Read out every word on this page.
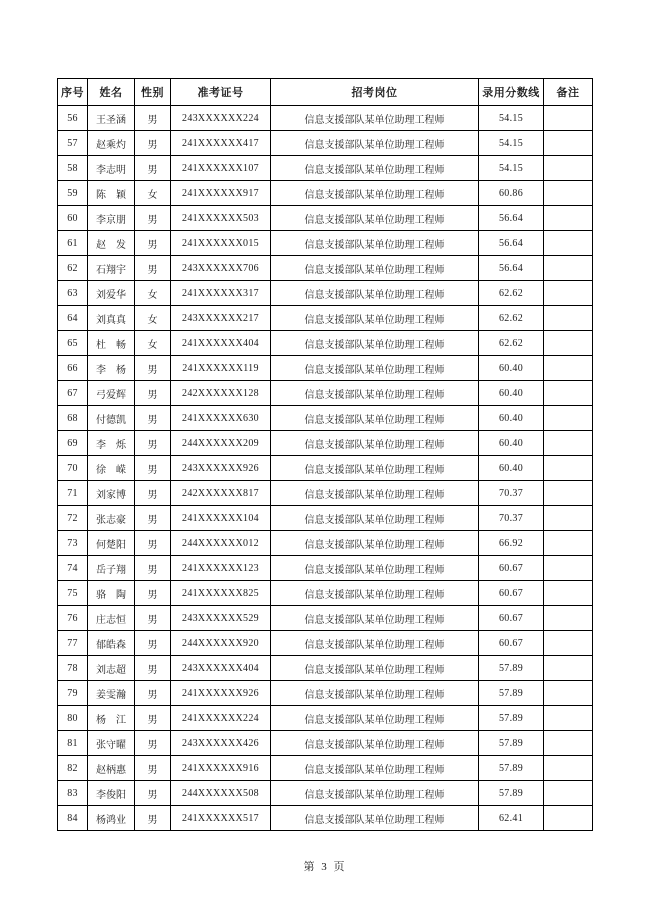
序号	姓名	性别	准考证号	招考岗位	录用分数线	备注
56	王圣涵	男	243XXXXXX224	信息支援部队某单位助理工程师	54.15	
57	赵乘灼	男	241XXXXXX417	信息支援部队某单位助理工程师	54.15	
58	李志明	男	241XXXXXX107	信息支援部队某单位助理工程师	54.15	
59	陈　颖	女	241XXXXXX917	信息支援部队某单位助理工程师	60.86	
60	李京朋	男	241XXXXXX503	信息支援部队某单位助理工程师	56.64	
61	赵　发	男	241XXXXXX015	信息支援部队某单位助理工程师	56.64	
62	石翔宇	男	243XXXXXX706	信息支援部队某单位助理工程师	56.64	
63	刘爱华	女	241XXXXXX317	信息支援部队某单位助理工程师	62.62	
64	刘真真	女	243XXXXXX217	信息支援部队某单位助理工程师	62.62	
65	杜　畅	女	241XXXXXX404	信息支援部队某单位助理工程师	62.62	
66	李　杨	男	241XXXXXX119	信息支援部队某单位助理工程师	60.40	
67	弓爱辉	男	242XXXXXX128	信息支援部队某单位助理工程师	60.40	
68	付德凯	男	241XXXXXX630	信息支援部队某单位助理工程师	60.40	
69	李　烁	男	244XXXXXX209	信息支援部队某单位助理工程师	60.40	
70	徐　嵘	男	243XXXXXX926	信息支援部队某单位助理工程师	60.40	
71	刘家博	男	242XXXXXX817	信息支援部队某单位助理工程师	70.37	
72	张志豪	男	241XXXXXX104	信息支援部队某单位助理工程师	70.37	
73	何楚阳	男	244XXXXXX012	信息支援部队某单位助理工程师	66.92	
74	岳子翔	男	241XXXXXX123	信息支援部队某单位助理工程师	60.67	
75	骆　陶	男	241XXXXXX825	信息支援部队某单位助理工程师	60.67	
76	庄志恒	男	243XXXXXX529	信息支援部队某单位助理工程师	60.67	
77	郁皓森	男	244XXXXXX920	信息支援部队某单位助理工程师	60.67	
78	刘志超	男	243XXXXXX404	信息支援部队某单位助理工程师	57.89	
79	姜雯瀚	男	241XXXXXX926	信息支援部队某单位助理工程师	57.89	
80	杨　江	男	241XXXXXX224	信息支援部队某单位助理工程师	57.89	
81	张守曜	男	243XXXXXX426	信息支援部队某单位助理工程师	57.89	
82	赵柄惠	男	241XXXXXX916	信息支援部队某单位助理工程师	57.89	
83	李俊阳	男	244XXXXXX508	信息支援部队某单位助理工程师	57.89	
84	杨鸿业	男	241XXXXXX517	信息支援部队某单位助理工程师	62.41	
第 3 页
